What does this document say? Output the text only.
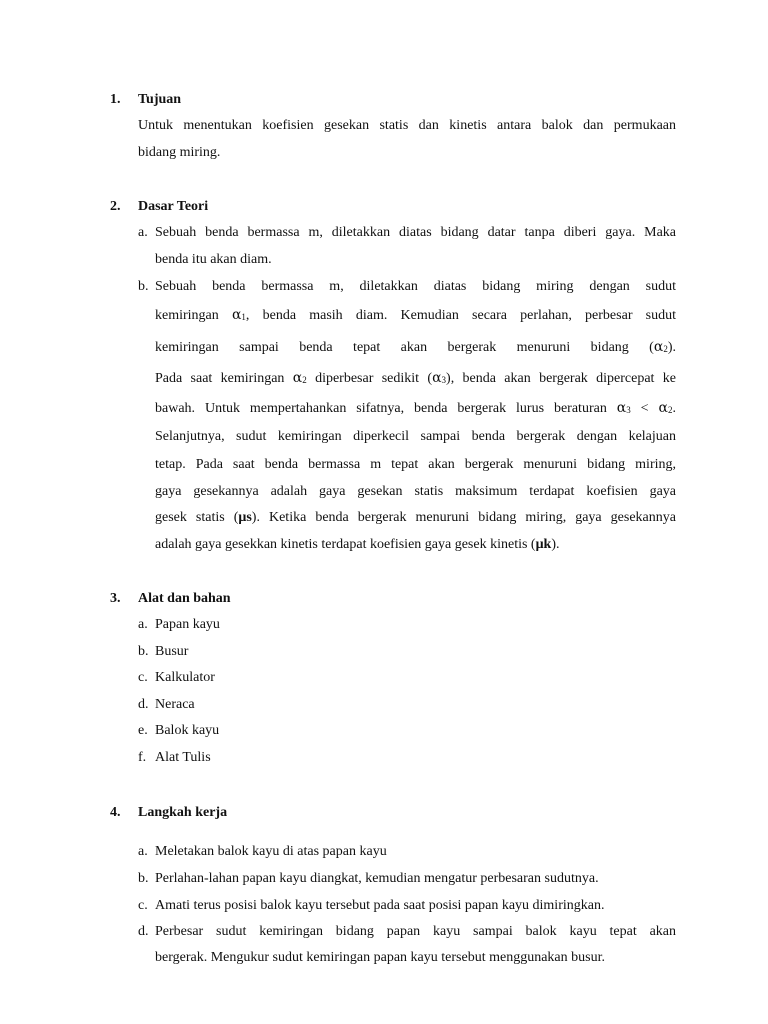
1. Tujuan
Untuk menentukan koefisien gesekan statis dan kinetis antara balok dan permukaan
bidang miring.
2. Dasar Teori
a. Sebuah benda bermassa m, diletakkan diatas bidang datar tanpa diberi gaya. Maka
benda itu akan diam.
b. Sebuah benda bermassa m, diletakkan diatas bidang miring dengan sudut
kemiringan $\alpha_1$, benda masih diam. Kemudian secara perlahan, perbesar sudut
kemiringan sampai benda tepat akan bergerak menuruni bidang $(\alpha_2)$.
Pada saat kemiringan $\alpha_2$ diperbesar sedikit $(\alpha_3)$, benda akan bergerak dipercepat ke
bawah. Untuk mempertahankan sifatnya, benda bergerak lurus beraturan $\alpha_3 < \alpha_2$.
Selanjutnya, sudut kemiringan diperkecil sampai benda bergerak dengan kelajuan
tetap. Pada saat benda bermassa m tepat akan bergerak menuruni bidang miring,
gaya gesekannya adalah gaya gesekan statis maksimum terdapat koefisien gaya
gesek statis (μs). Ketika benda bergerak menuruni bidang miring, gaya gesekannya
adalah gaya gesekkan kinetis terdapat koefisien gaya gesek kinetis (μk).
3. Alat dan bahan
a. Papan kayu
b. Busur
c. Kalkulator
d. Neraca
e. Balok kayu
f. Alat Tulis
4. Langkah kerja
a. Meletakan balok kayu di atas papan kayu
b. Perlahan-lahan papan kayu diangkat, kemudian mengatur perbesaran sudutnya.
c. Amati terus posisi balok kayu tersebut pada saat posisi papan kayu dimiringkan.
d. Perbesar sudut kemiringan bidang papan kayu sampai balok kayu tepat akan
bergerak. Mengukur sudut kemiringan papan kayu tersebut menggunakan busur.
